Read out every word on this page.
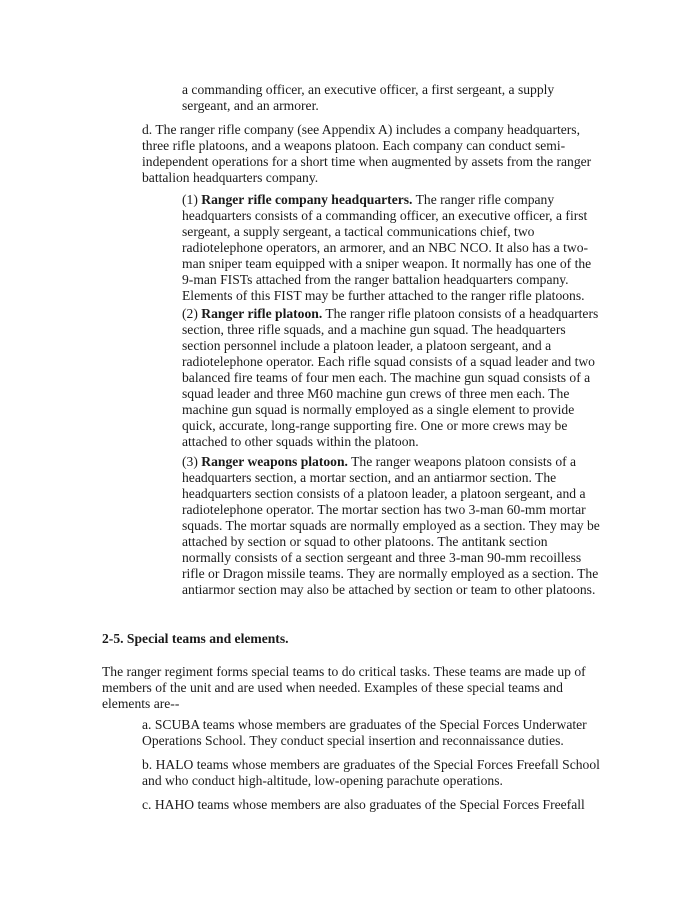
a commanding officer, an executive officer, a first sergeant, a supply sergeant, and an armorer.

d. The ranger rifle company (see Appendix A) includes a company headquarters, three rifle platoons, and a weapons platoon. Each company can conduct semi-independent operations for a short time when augmented by assets from the ranger battalion headquarters company.

(1) Ranger rifle company headquarters. The ranger rifle company headquarters consists of a commanding officer, an executive officer, a first sergeant, a supply sergeant, a tactical communications chief, two radiotelephone operators, an armorer, and an NBC NCO. It also has a two-man sniper team equipped with a sniper weapon. It normally has one of the 9-man FISTs attached from the ranger battalion headquarters company. Elements of this FIST may be further attached to the ranger rifle platoons.

(2) Ranger rifle platoon. The ranger rifle platoon consists of a headquarters section, three rifle squads, and a machine gun squad. The headquarters section personnel include a platoon leader, a platoon sergeant, and a radiotelephone operator. Each rifle squad consists of a squad leader and two balanced fire teams of four men each. The machine gun squad consists of a squad leader and three M60 machine gun crews of three men each. The machine gun squad is normally employed as a single element to provide quick, accurate, long-range supporting fire. One or more crews may be attached to other squads within the platoon.

(3) Ranger weapons platoon. The ranger weapons platoon consists of a headquarters section, a mortar section, and an antiarmor section. The headquarters section consists of a platoon leader, a platoon sergeant, and a radiotelephone operator. The mortar section has two 3-man 60-mm mortar squads. The mortar squads are normally employed as a section. They may be attached by section or squad to other platoons. The antitank section normally consists of a section sergeant and three 3-man 90-mm recoilless rifle or Dragon missile teams. They are normally employed as a section. The antiarmor section may also be attached by section or team to other platoons.

2-5. Special teams and elements.

The ranger regiment forms special teams to do critical tasks. These teams are made up of members of the unit and are used when needed. Examples of these special teams and elements are--

a. SCUBA teams whose members are graduates of the Special Forces Underwater Operations School. They conduct special insertion and reconnaissance duties.

b. HALO teams whose members are graduates of the Special Forces Freefall School and who conduct high-altitude, low-opening parachute operations.

c. HAHO teams whose members are also graduates of the Special Forces Freefall
